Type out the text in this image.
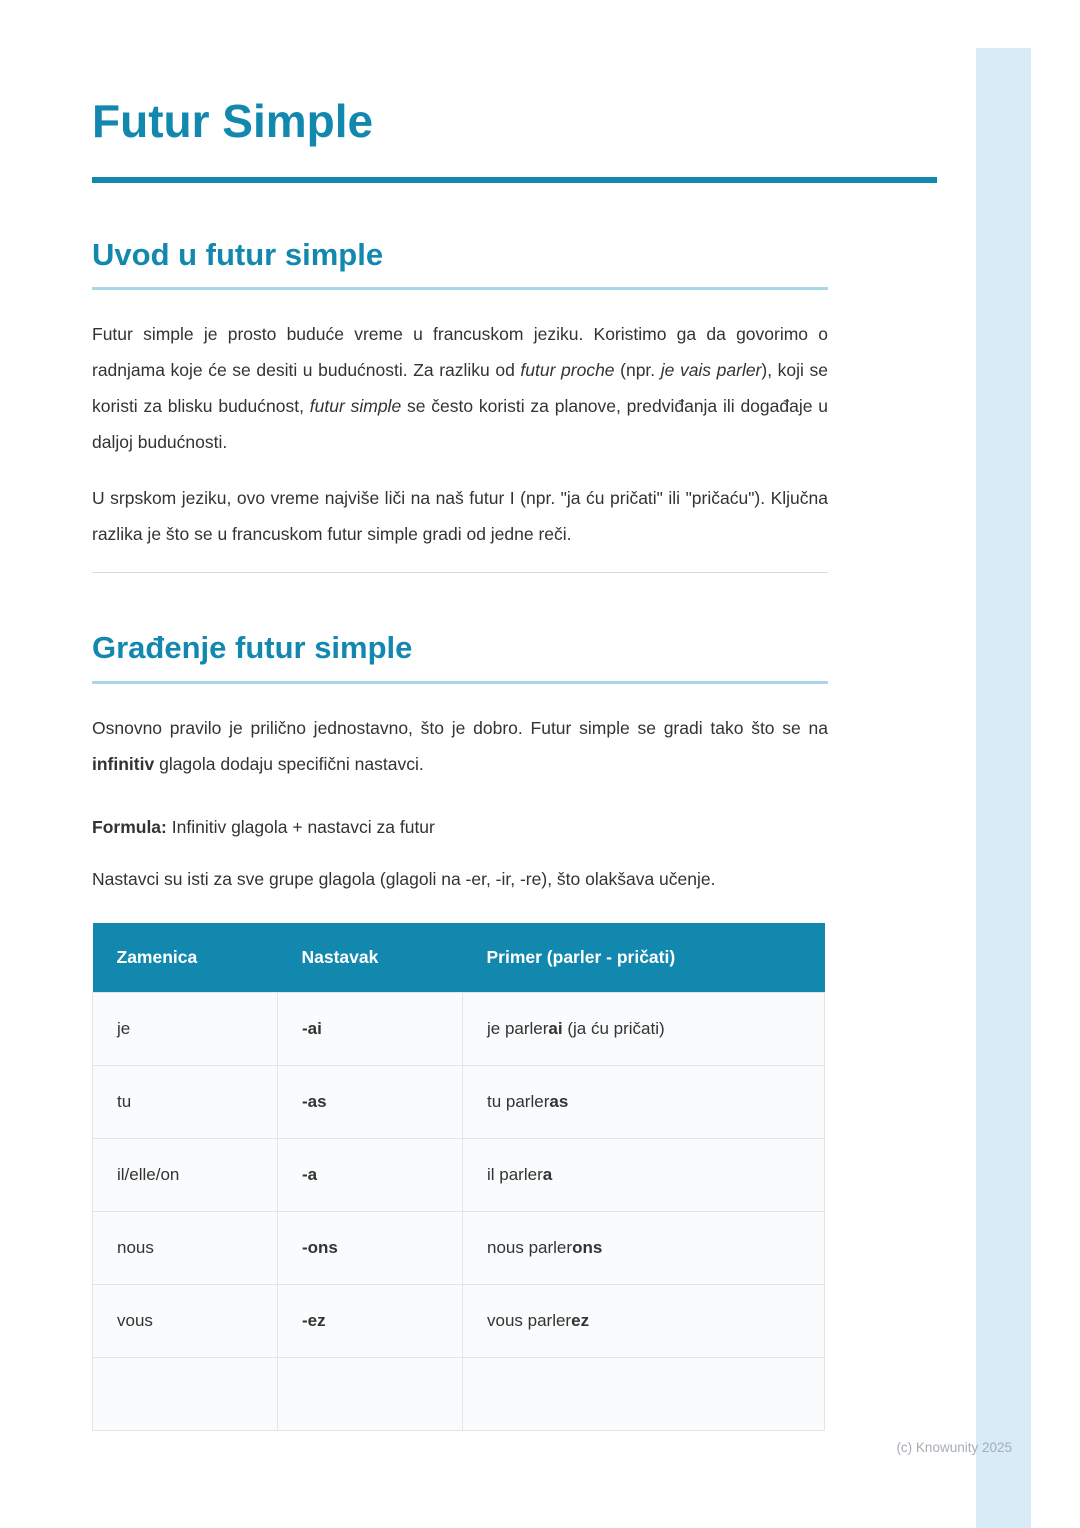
Futur Simple
Uvod u futur simple

Futur simple je prosto buduće vreme u francuskom jeziku. Koristimo ga da govorimo o radnjama koje će se desiti u budućnosti. Za razliku od futur proche (npr. je vais parler), koji se koristi za blisku budućnost, futur simple se često koristi za planove, predviđanja ili događaje u daljoj budućnosti.

U srpskom jeziku, ovo vreme najviše liči na naš futur I (npr. "ja ću pričati" ili "pričaću"). Ključna razlika je što se u francuskom futur simple gradi od jedne reči.

Građenje futur simple

Osnovno pravilo je prilično jednostavno, što je dobro. Futur simple se gradi tako što se na infinitiv glagola dodaju specifični nastavci.

Formula: Infinitiv glagola + nastavci za futur

Nastavci su isti za sve grupe glagola (glagoli na -er, -ir, -re), što olakšava učenje.

Zamenica	Nastavak	Primer (parler - pričati)
je	-ai	je parlerai (ja ću pričati)
tu	-as	tu parleras
il/elle/on	-a	il parlera
nous	-ons	nous parlerons
vous	-ez	vous parlerez

(c) Knowunity 2025
